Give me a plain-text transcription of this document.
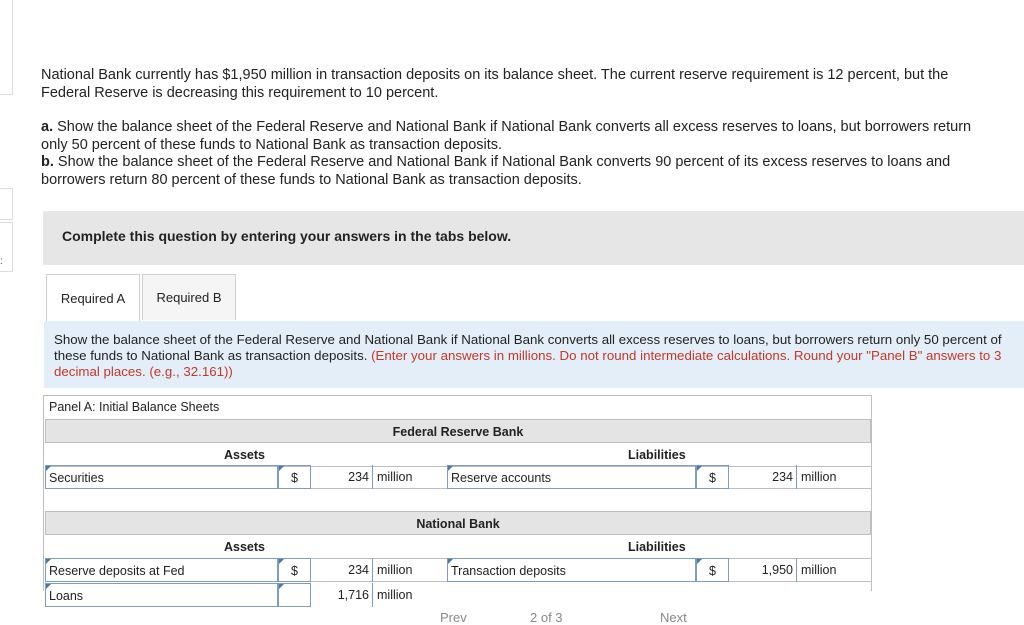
:

National Bank currently has $1,950 million in transaction deposits on its balance sheet. The current reserve requirement is 12 percent, but the Federal Reserve is decreasing this requirement to 10 percent.

a. Show the balance sheet of the Federal Reserve and National Bank if National Bank converts all excess reserves to loans, but borrowers return only 50 percent of these funds to National Bank as transaction deposits.

b. Show the balance sheet of the Federal Reserve and National Bank if National Bank converts 90 percent of its excess reserves to loans and borrowers return 80 percent of these funds to National Bank as transaction deposits.

Complete this question by entering your answers in the tabs below.
Required A	Required B
Show the balance sheet of the Federal Reserve and National Bank if National Bank converts all excess reserves to loans, but borrowers return only 50 percent of these funds to National Bank as transaction deposits. (Enter your answers in millions. Do not round intermediate calculations. Round your "Panel B" answers to 3 decimal places. (e.g., 32.161))
Panel A: Initial Balance Sheets
Federal Reserve Bank
Assets	Liabilities
Securities	$	234 million	Reserve accounts	$	234 million
National Bank
Assets	Liabilities
Reserve deposits at Fed	$	234 million	Transaction deposits	$	1,950 million
Loans	1,716 million
Prev	2 of 3	Next
